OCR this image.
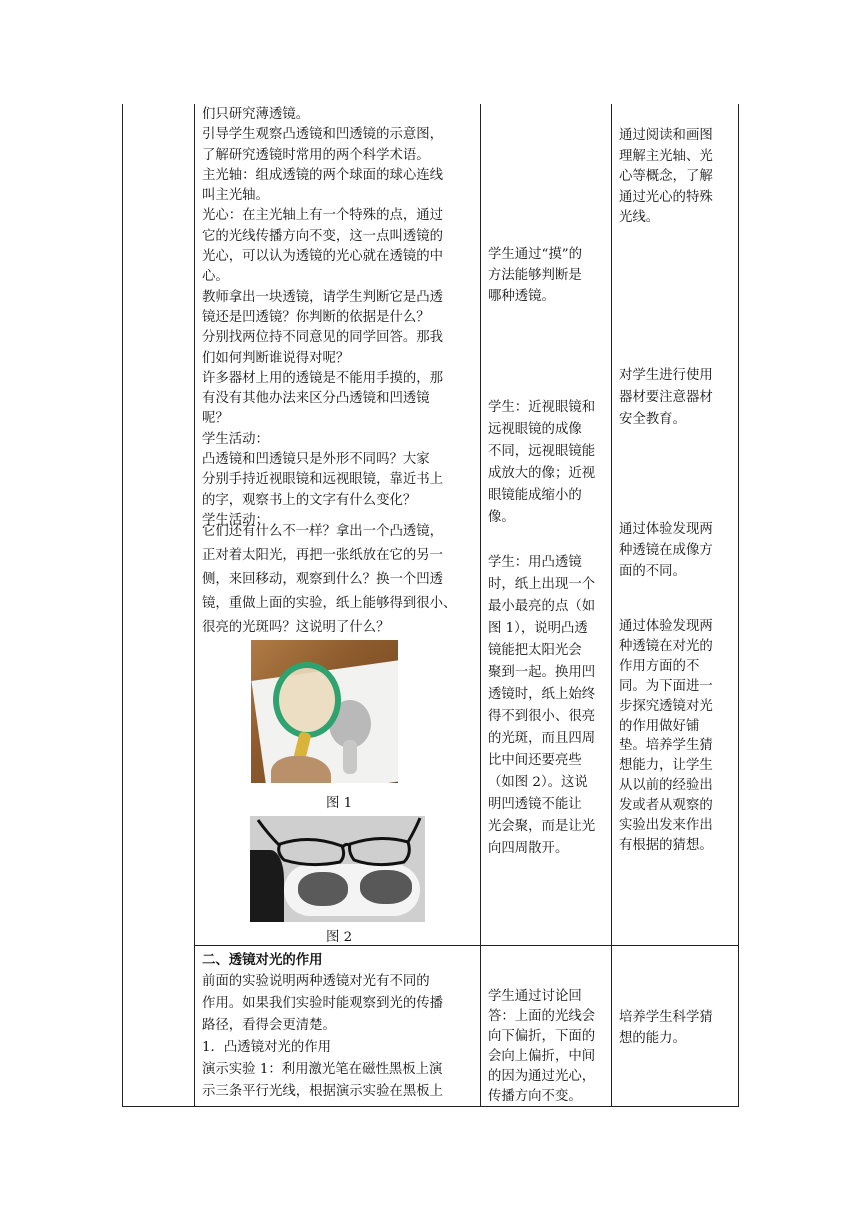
们只研究薄透镜。

引导学生观察凸透镜和凹透镜的示意图，

了解研究透镜时常用的两个科学术语。

主光轴：组成透镜的两个球面的球心连线

叫主光轴。

光心：在主光轴上有一个特殊的点，通过

它的光线传播方向不变，这一点叫透镜的

光心，可以认为透镜的光心就在透镜的中

心。

教师拿出一块透镜，请学生判断它是凸透

镜还是凹透镜？你判断的依据是什么？

分别找两位持不同意见的同学回答。那我

们如何判断谁说得对呢？

许多器材上用的透镜是不能用手摸的，那

有没有其他办法来区分凸透镜和凹透镜

呢？

学生活动：

凸透镜和凹透镜只是外形不同吗？大家

分别手持近视眼镜和远视眼镜，靠近书上

的字，观察书上的文字有什么变化？

学生活动：

它们还有什么不一样？拿出一个凸透镜，

正对着太阳光，再把一张纸放在它的另一

侧，来回移动，观察到什么？换一个凹透

镜，重做上面的实验，纸上能够得到很小、

很亮的光斑吗？这说明了什么？

图 1
图 2

二、透镜对光的作用

前面的实验说明两种透镜对光有不同的

作用。如果我们实验时能观察到光的传播

路径，看得会更清楚。

1．凸透镜对光的作用

演示实验 1：利用激光笔在磁性黑板上演

示三条平行光线，根据演示实验在黑板上

学生通过“摸”的

方法能够判断是

哪种透镜。

学生：近视眼镜和

远视眼镜的成像

不同，远视眼镜能

成放大的像；近视

眼镜能成缩小的

像。

学生：用凸透镜

时，纸上出现一个

最小最亮的点（如

图 1），说明凸透

镜能把太阳光会

聚到一起。换用凹

透镜时，纸上始终

得不到很小、很亮

的光斑，而且四周

比中间还要亮些

（如图 2）。这说

明凹透镜不能让

光会聚，而是让光

向四周散开。

学生通过讨论回

答：上面的光线会

向下偏折，下面的

会向上偏折，中间

的因为通过光心，

传播方向不变。

通过阅读和画图

理解主光轴、光

心等概念，了解

通过光心的特殊

光线。

对学生进行使用

器材要注意器材

安全教育。

通过体验发现两

种透镜在成像方

面的不同。

通过体验发现两

种透镜在对光的

作用方面的不

同。为下面进一

步探究透镜对光

的作用做好铺

垫。培养学生猜

想能力，让学生

从以前的经验出

发或者从观察的

实验出发来作出

有根据的猜想。

培养学生科学猜

想的能力。
